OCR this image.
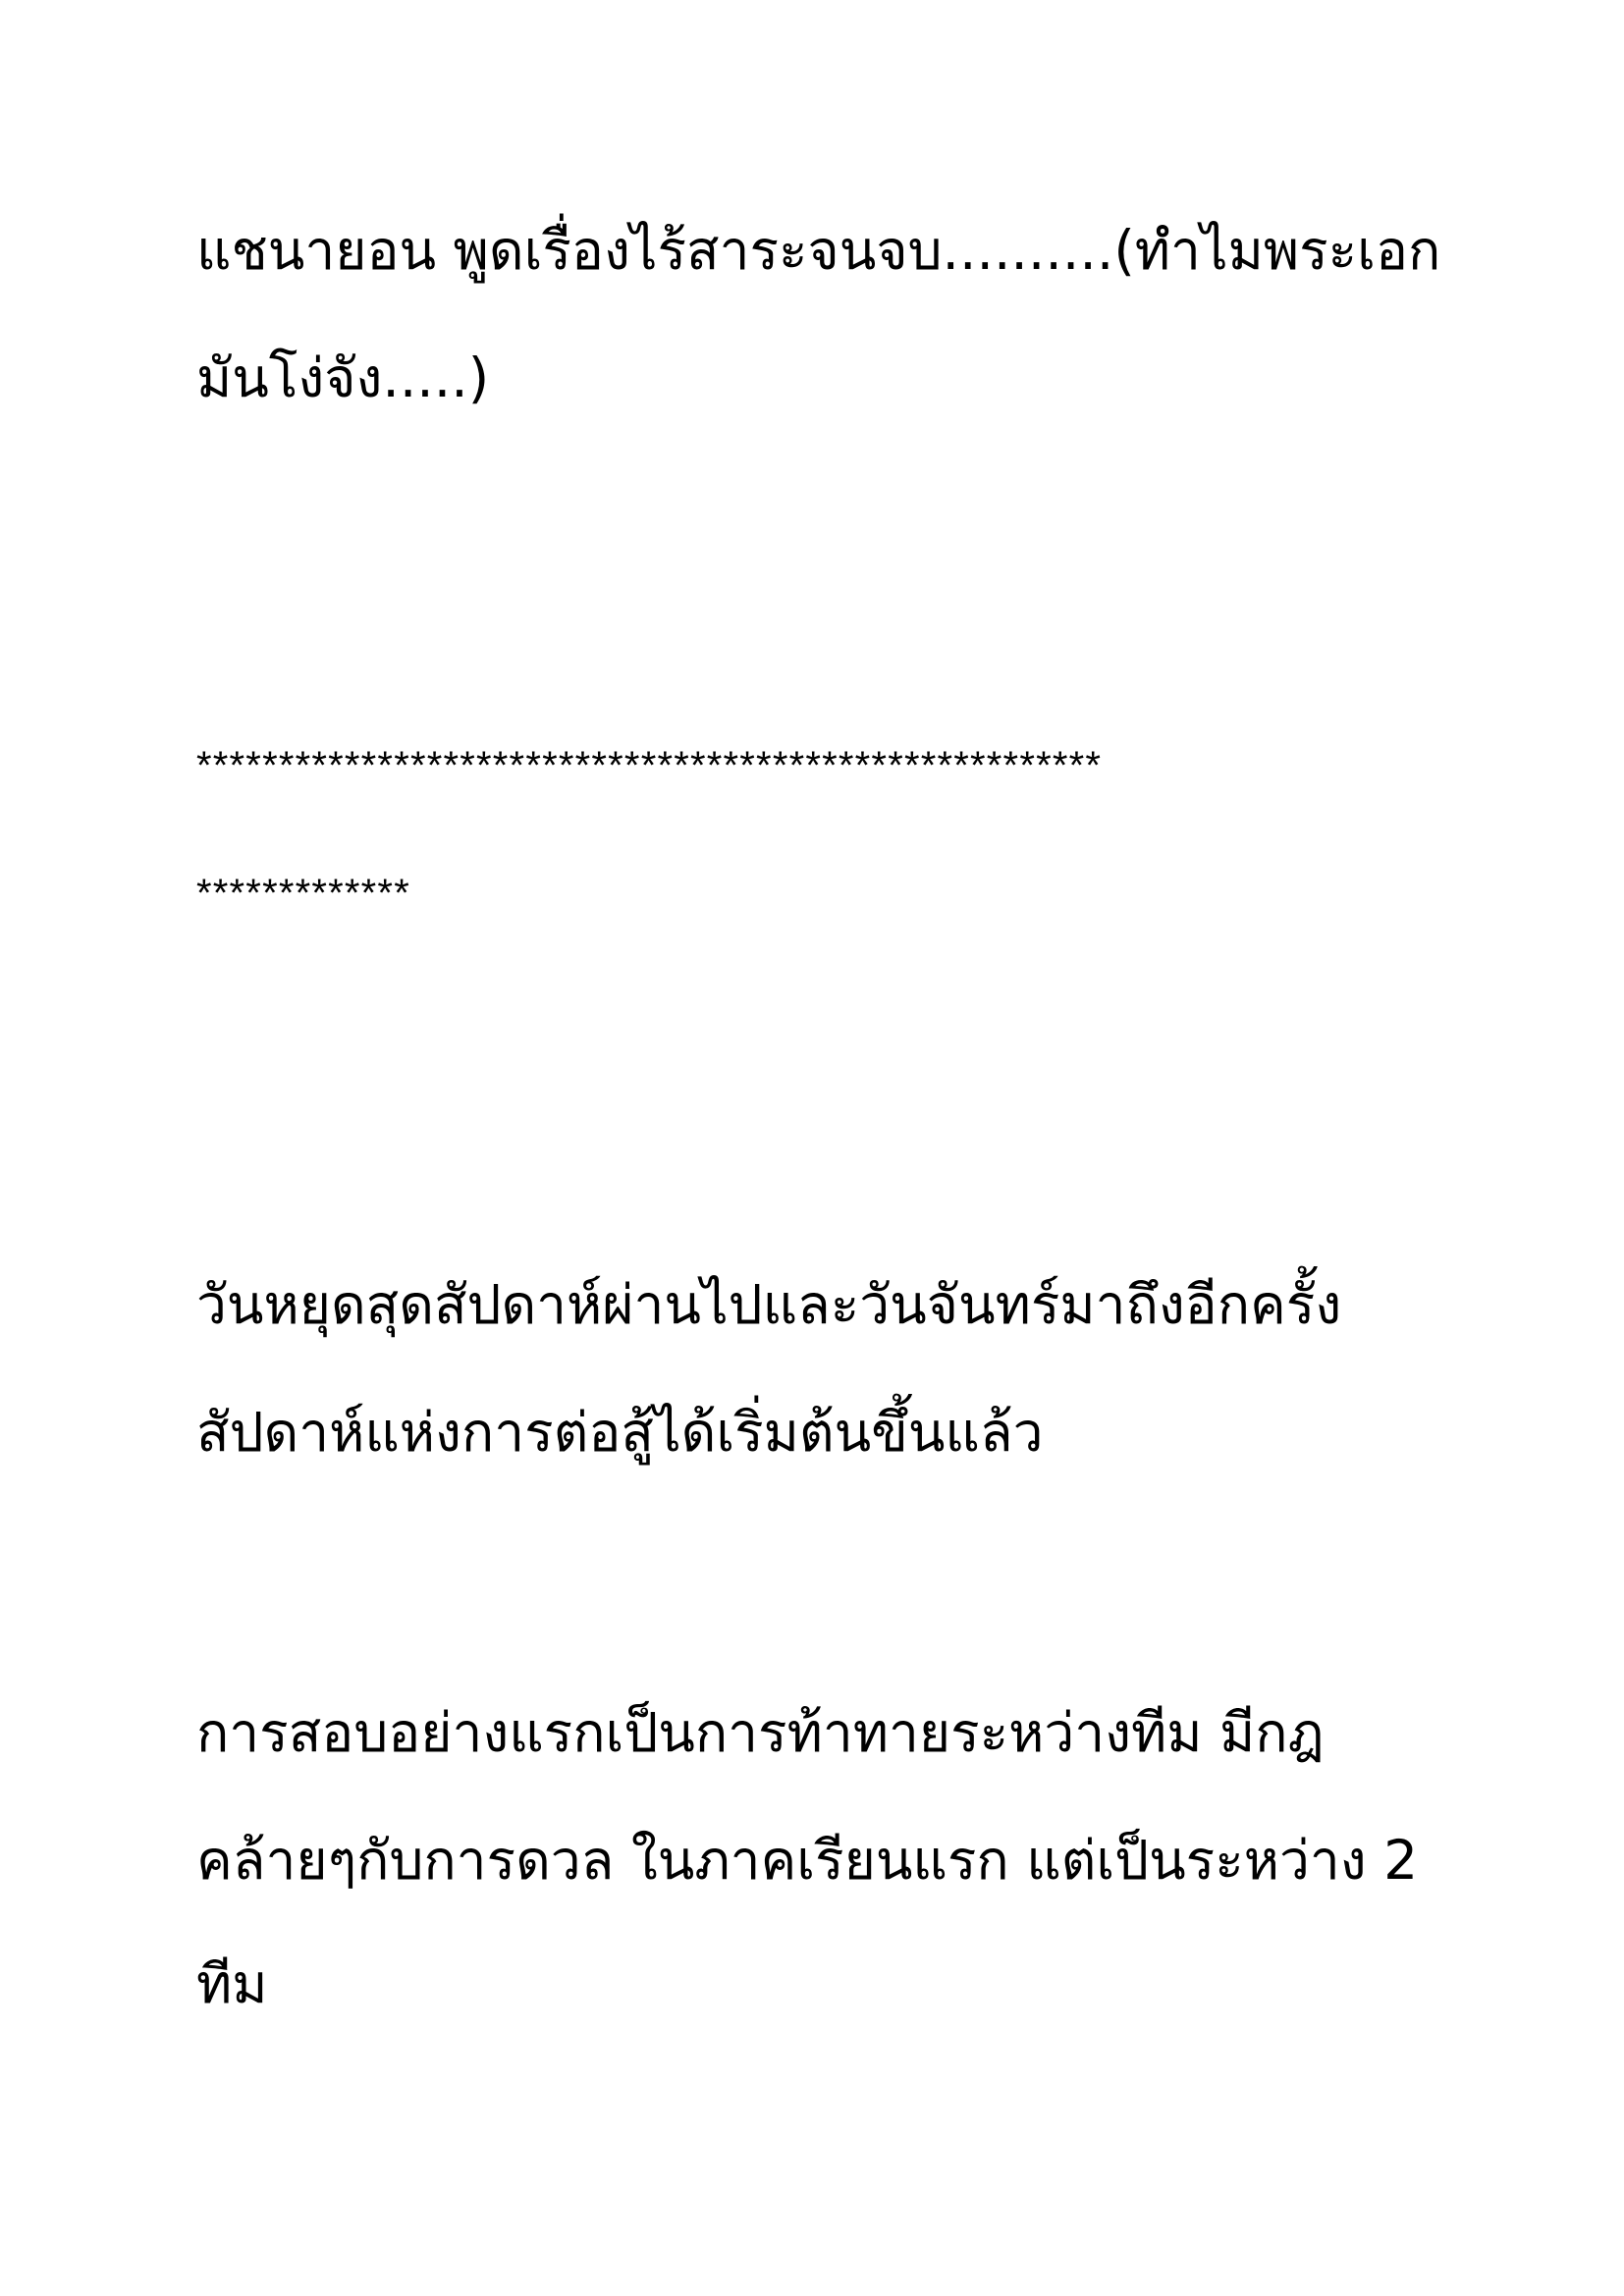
แชนายอน พูดเรื่องไร้สาระจนจบ..........(ทำไมพระเอก
มันโง่จัง.....)
*******************************************************
*************
วันหยุดสุดสัปดาห์ผ่านไปและวันจันทร์มาถึงอีกครั้ง
สัปดาห์แห่งการต่อสู้ได้เริ่มต้นขึ้นแล้ว
การสอบอย่างแรกเป็นการท้าทายระหว่างทีม มีกฎ
คล้ายๆกับการดวล ในภาคเรียนแรก แต่เป็นระหว่าง 2
ทีม
